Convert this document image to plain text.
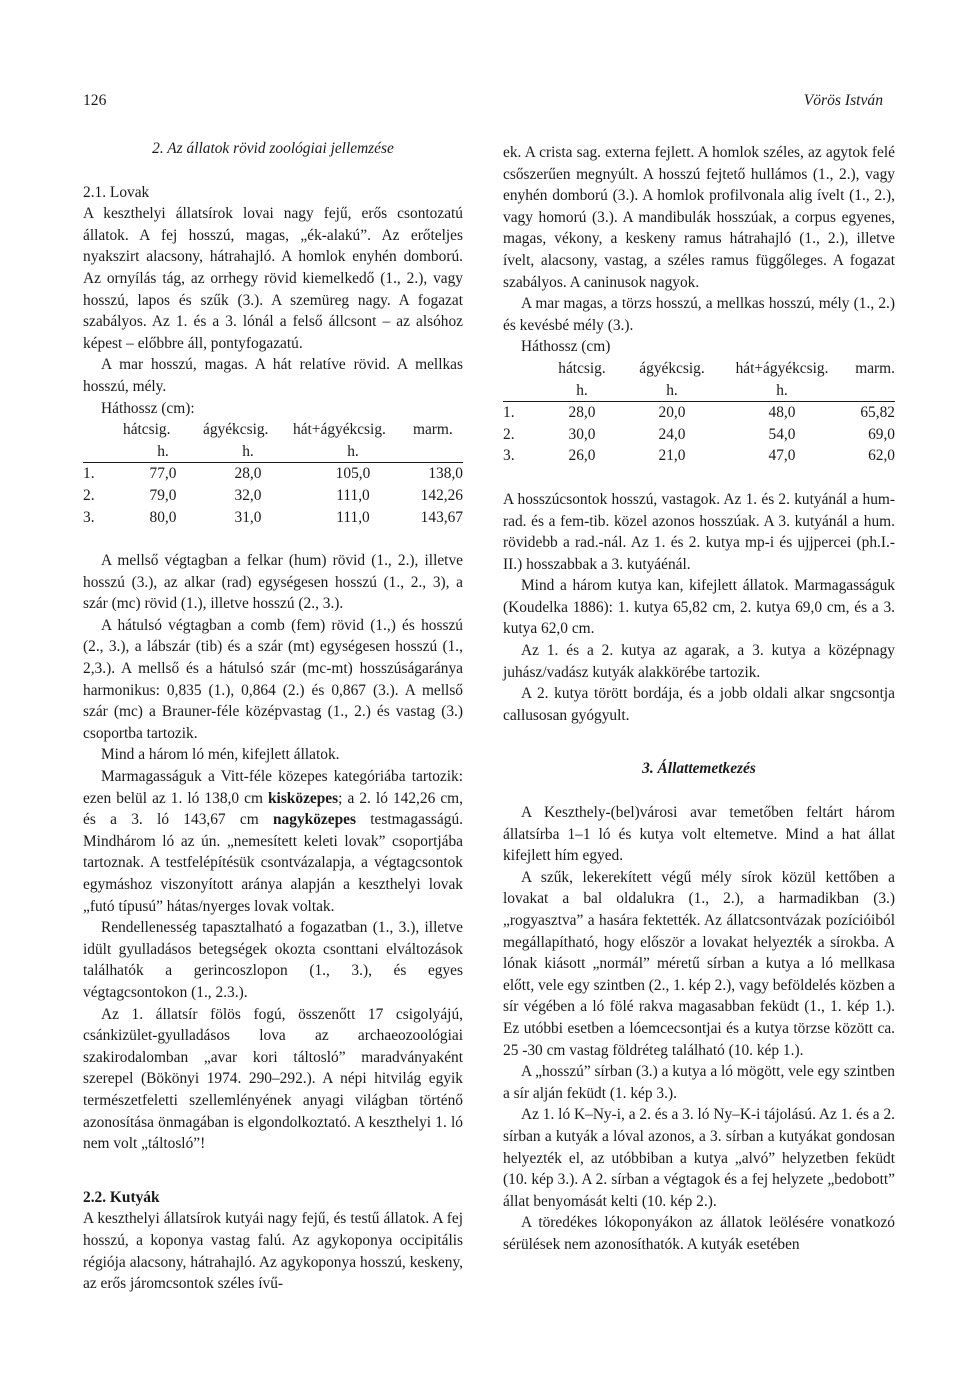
126	Vörös István

2. Az állatok rövid zoológiai jellemzése

2.1. Lovak

A keszthelyi állatsírok lovai nagy fejű, erős csontozatú állatok. A fej hosszú, magas, „ék-alakú”. Az erőteljes nyakszirt alacsony, hátrahajló. A homlok enyhén domború. Az ornyílás tág, az orrhegy rövid kiemelkedő (1., 2.), vagy hosszú, lapos és szűk (3.). A szemüreg nagy. A fogazat szabályos. Az 1. és a 3. lónál a felső állcsont – az alsóhoz képest – előbbre áll, pontyfogazatú.

A mar hosszú, magas. A hát relatíve rövid. A mellkas hosszú, mély.

Háthossz (cm):

	hátcsig.	ágyékcsig.	hát+ágyékcsig.	marm.
	h.	h.	h.	
1.	77,0	28,0	105,0	138,0
2.	79,0	32,0	111,0	142,26
3.	80,0	31,0	111,0	143,67

A mellső végtagban a felkar (hum) rövid (1., 2.), illetve hosszú (3.), az alkar (rad) egységesen hosszú (1., 2., 3), a szár (mc) rövid (1.), illetve hosszú (2., 3.).

A hátulsó végtagban a comb (fem) rövid (1.,) és hosszú (2., 3.), a lábszár (tib) és a szár (mt) egységesen hosszú (1., 2,3.). A mellső és a hátulsó szár (mc-mt) hosszúságaránya harmonikus: 0,835 (1.), 0,864 (2.) és 0,867 (3.). A mellső szár (mc) a Brauner-féle középvastag (1., 2.) és vastag (3.) csoportba tartozik.

Mind a három ló mén, kifejlett állatok.

Marmagasságuk a Vitt-féle közepes kategóriába tartozik: ezen belül az 1. ló 138,0 cm kisközepes; a 2. ló 142,26 cm, és a 3. ló 143,67 cm nagyközepes testmagasságú. Mindhárom ló az ún. „nemesített keleti lovak” csoportjába tartoznak. A testfelépítésük csontvázalapja, a végtagcsontok egymáshoz viszonyított aránya alapján a keszthelyi lovak „futó típusú” hátas/nyerges lovak voltak.

Rendellenesség tapasztalható a fogazatban (1., 3.), illetve idült gyulladásos betegségek okozta csonttani elváltozások találhatók a gerincoszlopon (1., 3.), és egyes végtagcsontokon (1., 2.3.).

Az 1. állatsír fölös fogú, összenőtt 17 csigolyájú, csánkizület-gyulladásos lova az archaeozoológiai szakirodalomban „avar kori táltosló” maradványaként szerepel (Bökönyi 1974. 290–292.). A népi hitvilág egyik természetfeletti szellemlényének anyagi világban történő azonosítása önmagában is elgondolkoztató. A keszthelyi 1. ló nem volt „táltosló”!

2.2. Kutyák

A keszthelyi állatsírok kutyái nagy fejű, és testű állatok. A fej hosszú, a koponya vastag falú. Az agykoponya occipitális régiója alacsony, hátrahajló. Az agykoponya hosszú, keskeny, az erős járomcsontok széles ívű-

ek. A crista sag. externa fejlett. A homlok széles, az agytok felé csőszerűen megnyúlt. A hosszú fejtető hullámos (1., 2.), vagy enyhén domború (3.). A homlok profilvonala alig ívelt (1., 2.), vagy homorú (3.). A mandibulák hosszúak, a corpus egyenes, magas, vékony, a keskeny ramus hátrahajló (1., 2.), illetve ívelt, alacsony, vastag, a széles ramus függőleges. A fogazat szabályos. A caninusok nagyok.

A mar magas, a törzs hosszú, a mellkas hosszú, mély (1., 2.) és kevésbé mély (3.).

Háthossz (cm)

	hátcsig.	ágyékcsig.	hát+ágyékcsig.	marm.
	h.	h.	h.	
1.	28,0	20,0	48,0	65,82
2.	30,0	24,0	54,0	69,0
3.	26,0	21,0	47,0	62,0

A hosszúcsontok hosszú, vastagok. Az 1. és 2. kutyánál a hum-rad. és a fem-tib. közel azonos hosszúak. A 3. kutyánál a hum. rövidebb a rad.-nál. Az 1. és 2. kutya mp-i és ujjpercei (ph.I.-II.) hosszabbak a 3. kutyáénál.

Mind a három kutya kan, kifejlett állatok. Marmagasságuk (Koudelka 1886): 1. kutya 65,82 cm, 2. kutya 69,0 cm, és a 3. kutya 62,0 cm.

Az 1. és a 2. kutya az agarak, a 3. kutya a középnagy juhász/vadász kutyák alakkörébe tartozik.

A 2. kutya törött bordája, és a jobb oldali alkar sngcsontja callusosan gyógyult.

3. Állattemetkezés

A Keszthely-(bel)városi avar temetőben feltárt három állatsírba 1–1 ló és kutya volt eltemetve. Mind a hat állat kifejlett hím egyed.

A szűk, lekerekített végű mély sírok közül kettőben a lovakat a bal oldalukra (1., 2.), a harmadikban (3.) „rogyasztva” a hasára fektették. Az állatcsontvázak pozícióiból megállapítható, hogy először a lovakat helyezték a sírokba. A lónak kiásott „normál” méretű sírban a kutya a ló mellkasa előtt, vele egy szintben (2., 1. kép 2.), vagy beföldelés közben a sír végében a ló fölé rakva magasabban feküdt (1., 1. kép 1.). Ez utóbbi esetben a lóemcecsontjai és a kutya törzse között ca. 25 -30 cm vastag földréteg található (10. kép 1.).

A „hosszú” sírban (3.) a kutya a ló mögött, vele egy szintben a sír alján feküdt (1. kép 3.).

Az 1. ló K–Ny-i, a 2. és a 3. ló Ny–K-i tájolású. Az 1. és a 2. sírban a kutyák a lóval azonos, a 3. sírban a kutyákat gondosan helyezték el, az utóbbiban a kutya „alvó” helyzetben feküdt (10. kép 3.). A 2. sírban a végtagok és a fej helyzete „bedobott” állat benyomását kelti (10. kép 2.).

A töredékes lókoponyákon az állatok leölésére vonatkozó sérülések nem azonosíthatók. A kutyák esetében
